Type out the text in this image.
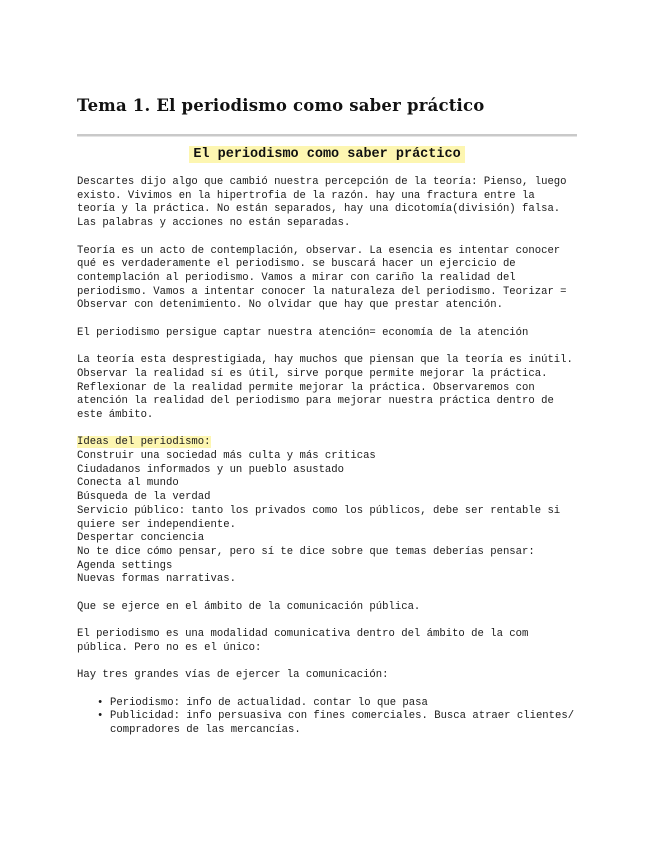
Tema 1. El periodismo como saber práctico
El periodismo como saber práctico

Descartes dijo algo que cambió nuestra percepción de la teoría: Pienso, luego existo. Vivimos en la hipertrofia de la razón. hay una fractura entre la teoría y la práctica. No están separados, hay una dicotomía(división) falsa. Las palabras y acciones no están separadas.

Teoría es un acto de contemplación, observar. La esencia es intentar conocer qué es verdaderamente el periodismo. se buscará hacer un ejercicio de contemplación al periodismo. Vamos a mirar con cariño la realidad del periodismo. Vamos a intentar conocer la naturaleza del periodismo. Teorizar = Observar con detenimiento. No olvidar que hay que prestar atención.

El periodismo persigue captar nuestra atención= economía de la atención

La teoría esta desprestigiada, hay muchos que piensan que la teoría es inútil. Observar la realidad sí es útil, sirve porque permite mejorar la práctica. Reflexionar de la realidad permite mejorar la práctica. Observaremos con atención la realidad del periodismo para mejorar nuestra práctica dentro de este ámbito.

Ideas del periodismo:

Construir una sociedad más culta y más criticas

Ciudadanos informados y un pueblo asustado

Conecta al mundo

Búsqueda de la verdad

Servicio público: tanto los privados como los públicos, debe ser rentable si quiere ser independiente.

Despertar conciencia

No te dice cómo pensar, pero sí te dice sobre que temas deberías pensar: Agenda settings

Nuevas formas narrativas.

Que se ejerce en el ámbito de la comunicación pública.

El periodismo es una modalidad comunicativa dentro del ámbito de la com pública. Pero no es el único:

Hay tres grandes vías de ejercer la comunicación:

• Periodismo: info de actualidad. contar lo que pasa
• Publicidad: info persuasiva con fines comerciales. Busca atraer clientes/ compradores de las mercancías.
